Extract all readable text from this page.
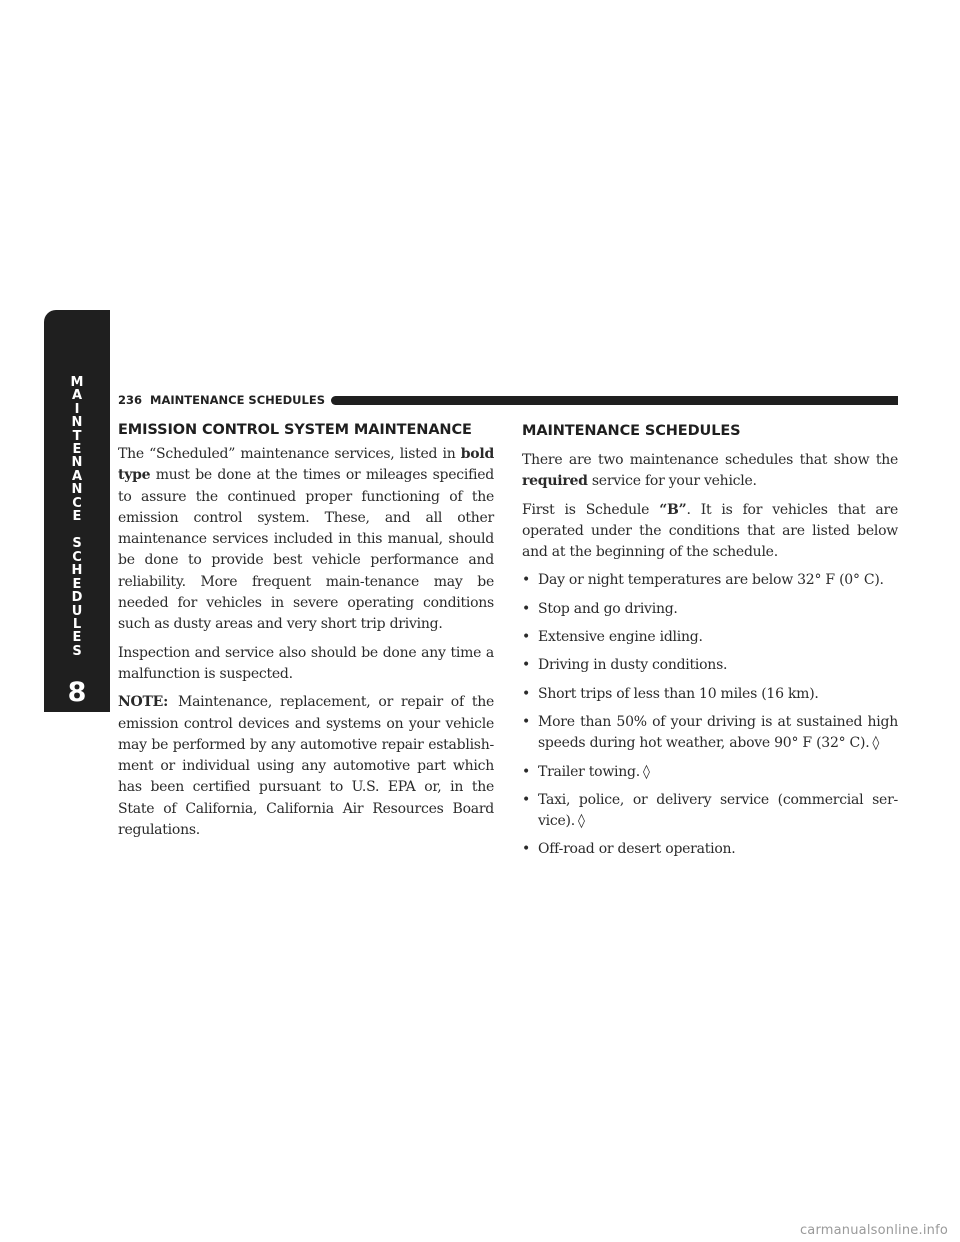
M
A
I
N
T
E
N
A
N
C
E
S
C
H
E
D
U
L
E
S
8
236 MAINTENANCE SCHEDULES
EMISSION CONTROL SYSTEM MAINTENANCE

The “Scheduled” maintenance services, listed in bold type must be done at the times or mileages specified to assure the continued proper functioning of the emission control system. These, and all other maintenance services included in this manual, should be done to provide best vehicle performance and reliability. More frequent main-tenance may be needed for vehicles in severe operating conditions such as dusty areas and very short trip driving.

Inspection and service also should be done any time a malfunction is suspected.

NOTE: Maintenance, replacement, or repair of the emission control devices and systems on your vehicle may be performed by any automotive repair establish-ment or individual using any automotive part which has been certified pursuant to U.S. EPA or, in the State of California, California Air Resources Board regulations.

MAINTENANCE SCHEDULES

There are two maintenance schedules that show the required service for your vehicle.

First is Schedule “B”. It is for vehicles that are operated under the conditions that are listed below and at the beginning of the schedule.

• Day or night temperatures are below 32° F (0° C).
• Stop and go driving.
• Extensive engine idling.
• Driving in dusty conditions.
• Short trips of less than 10 miles (16 km).
• More than 50% of your driving is at sustained high speeds during hot weather, above 90° F (32° C). ◊
• Trailer towing. ◊
• Taxi, police, or delivery service (commercial ser-vice). ◊
• Off-road or desert operation.
carmanualsonline.info
